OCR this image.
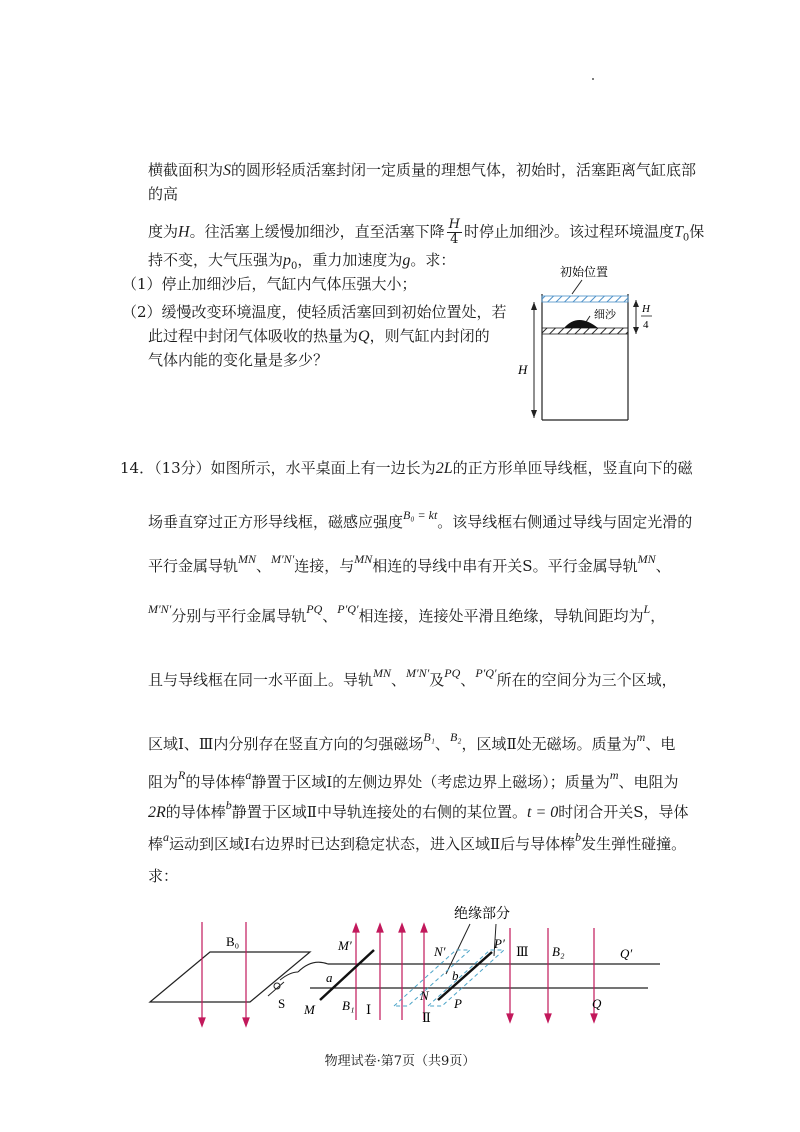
横截面积为S的圆形轻质活塞封闭一定质量的理想气体，初始时，活塞距离气缸底部
的高
度为H。往活塞上缓慢加细沙，直至活塞下降 $\frac{H}{4}$ 时停止加细沙。该过程环境温度$T_0$保
持不变，大气压强为$p_0$，重力加速度为g。求：
（1）停止加细沙后，气缸内气体压强大小；
（2）缓慢改变环境温度，使轻质活塞回到初始位置处，若
此过程中封闭气体吸收的热量为Q，则气缸内封闭的
气体内能的变化量是多少？
初始位置
细沙
H
H
4
14．（13分）如图所示，水平桌面上有一边长为2L的正方形单匝导线框，竖直向下的磁
场垂直穿过正方形导线框，磁感应强度$^{B_0 = kt}$。该导线框右侧通过导线与固定光滑的
平行金属导轨$^{MN}$、$^{M'N'}$连接，与$^{MN}$相连的导线中串有开关S。平行金属导轨$^{MN}$、
$^{M'N'}$分别与平行金属导轨$^{PQ}$、$^{P'Q'}$相连接，连接处平滑且绝缘，导轨间距均为$^L$，
且与导线框在同一水平面上。导轨$^{MN}$、$^{M'N'}$及$^{PQ}$、$^{P'Q'}$所在的空间分为三个区域，
区域Ⅰ、Ⅲ内分别存在竖直方向的匀强磁场$^{B_1}$、$^{B_2}$，区域Ⅱ处无磁场。质量为$^m$、电
阻为$^R$的导体棒$^a$静置于区域Ⅰ的左侧边界处（考虑边界上磁场）；质量为$^m$、电阻为
2R的导体棒$^b$静置于区域Ⅱ中导轨连接处的右侧的某位置。t = 0时闭合开关S，导体
棒$^a$运动到区域Ⅰ右边界时已达到稳定状态，进入区域Ⅱ后与导体棒$^b$发生弹性碰撞。
求：
B₀
S
M′
a
M B₁ Ⅰ
绝缘部分
N′
P′
b
N
P
Ⅱ
Ⅲ B₂	Q′
Q
物理试卷·第7页（共9页）
